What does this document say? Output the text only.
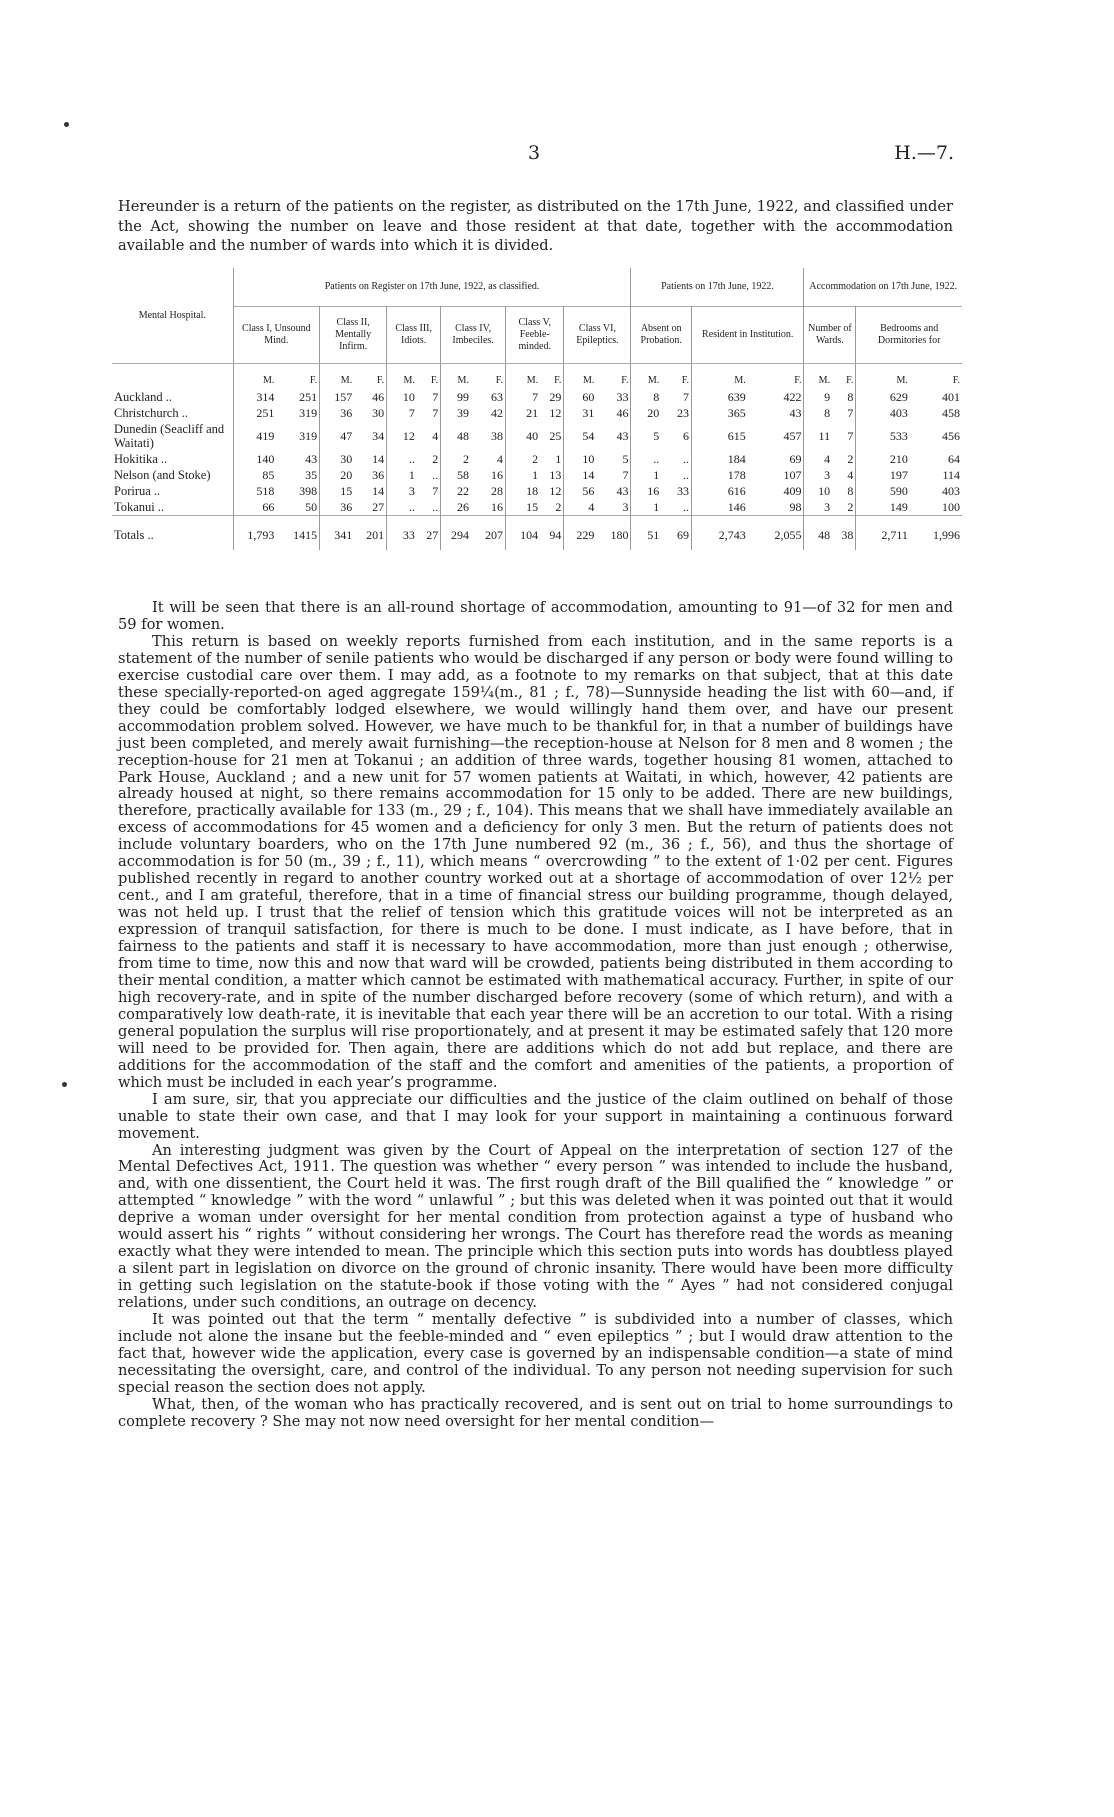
3	H.—7.
Hereunder is a return of the patients on the register, as distributed on the 17th June, 1922, and classified under the Act, showing the number on leave and those resident at that date, together with the accommodation available and the number of wards into which it is divided.
Mental Hospital.	Patients on Register on 17th June, 1922, as classified.												Patients on 17th June, 1922.				Accommodation on 17th June, 1922.			
	Class I, Unsound Mind.		Class II, Mentally Infirm.		Class III, Idiots.		Class IV, Imbeciles.		Class V, Feeble-minded.		Class VI, Epileptics.		Absent on Probation.		Resident in Institution.		Number of Wards.		Bedrooms and Dormitories for	
	M.	F.	M.	F.	M.	F.	M.	F.	M.	F.	M.	F.	M.	F.	M.	F.	M.	F.	M.	F.
Auckland ..	314	251	157	46	10	7	99	63	7	29	60	33	8	7	639	422	9	8	629	401
Christchurch ..	251	319	36	30	7	7	39	42	21	12	31	46	20	23	365	43	8	7	403	458
Dunedin (Seacliff and Waitati)	419	319	47	34	12	4	48	38	40	25	54	43	5	6	615	457	11	7	533	456
Hokitika ..	140	43	30	14	..	2	2	4	2	1	10	5	..	..	184	69	4	2	210	64
Nelson (and Stoke)	85	35	20	36	1	..	58	16	1	13	14	7	1	..	178	107	3	4	197	114
Porirua ..	518	398	15	14	3	7	22	28	18	12	56	43	16	33	616	409	10	8	590	403
Tokanui ..	66	50	36	27	..	..	26	16	15	2	4	3	1	..	146	98	3	2	149	100
Totals ..	1,793	1415	341	201	33	27	294	207	104	94	229	180	51	69	2,743	2,055	48	38	2,711	1,996

It will be seen that there is an all-round shortage of accommodation, amounting to 91—of 32 for men and 59 for women.

This return is based on weekly reports furnished from each institution, and in the same reports is a statement of the number of senile patients who would be discharged if any person or body were found willing to exercise custodial care over them. I may add, as a footnote to my remarks on that subject, that at this date these specially-reported-on aged aggregate 159¼(m., 81 ; f., 78)—Sunnyside heading the list with 60—and, if they could be comfortably lodged elsewhere, we would willingly hand them over, and have our present accommodation problem solved. However, we have much to be thankful for, in that a number of buildings have just been completed, and merely await furnishing—the reception-house at Nelson for 8 men and 8 women ; the reception-house for 21 men at Tokanui ; an addition of three wards, together housing 81 women, attached to Park House, Auckland ; and a new unit for 57 women patients at Waitati, in which, however, 42 patients are already housed at night, so there remains accommodation for 15 only to be added. There are new buildings, therefore, practically available for 133 (m., 29 ; f., 104). This means that we shall have immediately available an excess of accommodations for 45 women and a deficiency for only 3 men. But the return of patients does not include voluntary boarders, who on the 17th June numbered 92 (m., 36 ; f., 56), and thus the shortage of accommodation is for 50 (m., 39 ; f., 11), which means “ overcrowding ” to the extent of 1·02 per cent. Figures published recently in regard to another country worked out at a shortage of accommodation of over 12½ per cent., and I am grateful, therefore, that in a time of financial stress our building programme, though delayed, was not held up. I trust that the relief of tension which this gratitude voices will not be interpreted as an expression of tranquil satisfaction, for there is much to be done. I must indicate, as I have before, that in fairness to the patients and staff it is necessary to have accommodation, more than just enough ; otherwise, from time to time, now this and now that ward will be crowded, patients being distributed in them according to their mental condition, a matter which cannot be estimated with mathematical accuracy. Further, in spite of our high recovery-rate, and in spite of the number discharged before recovery (some of which return), and with a comparatively low death-rate, it is inevitable that each year there will be an accretion to our total. With a rising general population the surplus will rise proportionately, and at present it may be estimated safely that 120 more will need to be provided for. Then again, there are additions which do not add but replace, and there are additions for the accommodation of the staff and the comfort and amenities of the patients, a proportion of which must be included in each year’s programme.

I am sure, sir, that you appreciate our difficulties and the justice of the claim outlined on behalf of those unable to state their own case, and that I may look for your support in maintaining a continuous forward movement.

An interesting judgment was given by the Court of Appeal on the interpretation of section 127 of the Mental Defectives Act, 1911. The question was whether “ every person ” was intended to include the husband, and, with one dissentient, the Court held it was. The first rough draft of the Bill qualified the “ knowledge ” or attempted “ knowledge ” with the word “ unlawful ” ; but this was deleted when it was pointed out that it would deprive a woman under oversight for her mental condition from protection against a type of husband who would assert his “ rights ” without considering her wrongs. The Court has therefore read the words as meaning exactly what they were intended to mean. The principle which this section puts into words has doubtless played a silent part in legislation on divorce on the ground of chronic insanity. There would have been more difficulty in getting such legislation on the statute-book if those voting with the “ Ayes ” had not considered conjugal relations, under such conditions, an outrage on decency.

It was pointed out that the term “ mentally defective ” is subdivided into a number of classes, which include not alone the insane but the feeble-minded and “ even epileptics ” ; but I would draw attention to the fact that, however wide the application, every case is governed by an indispensable condition—a state of mind necessitating the oversight, care, and control of the individual. To any person not needing supervision for such special reason the section does not apply.

What, then, of the woman who has practically recovered, and is sent out on trial to home surroundings to complete recovery ? She may not now need oversight for her mental condition—
